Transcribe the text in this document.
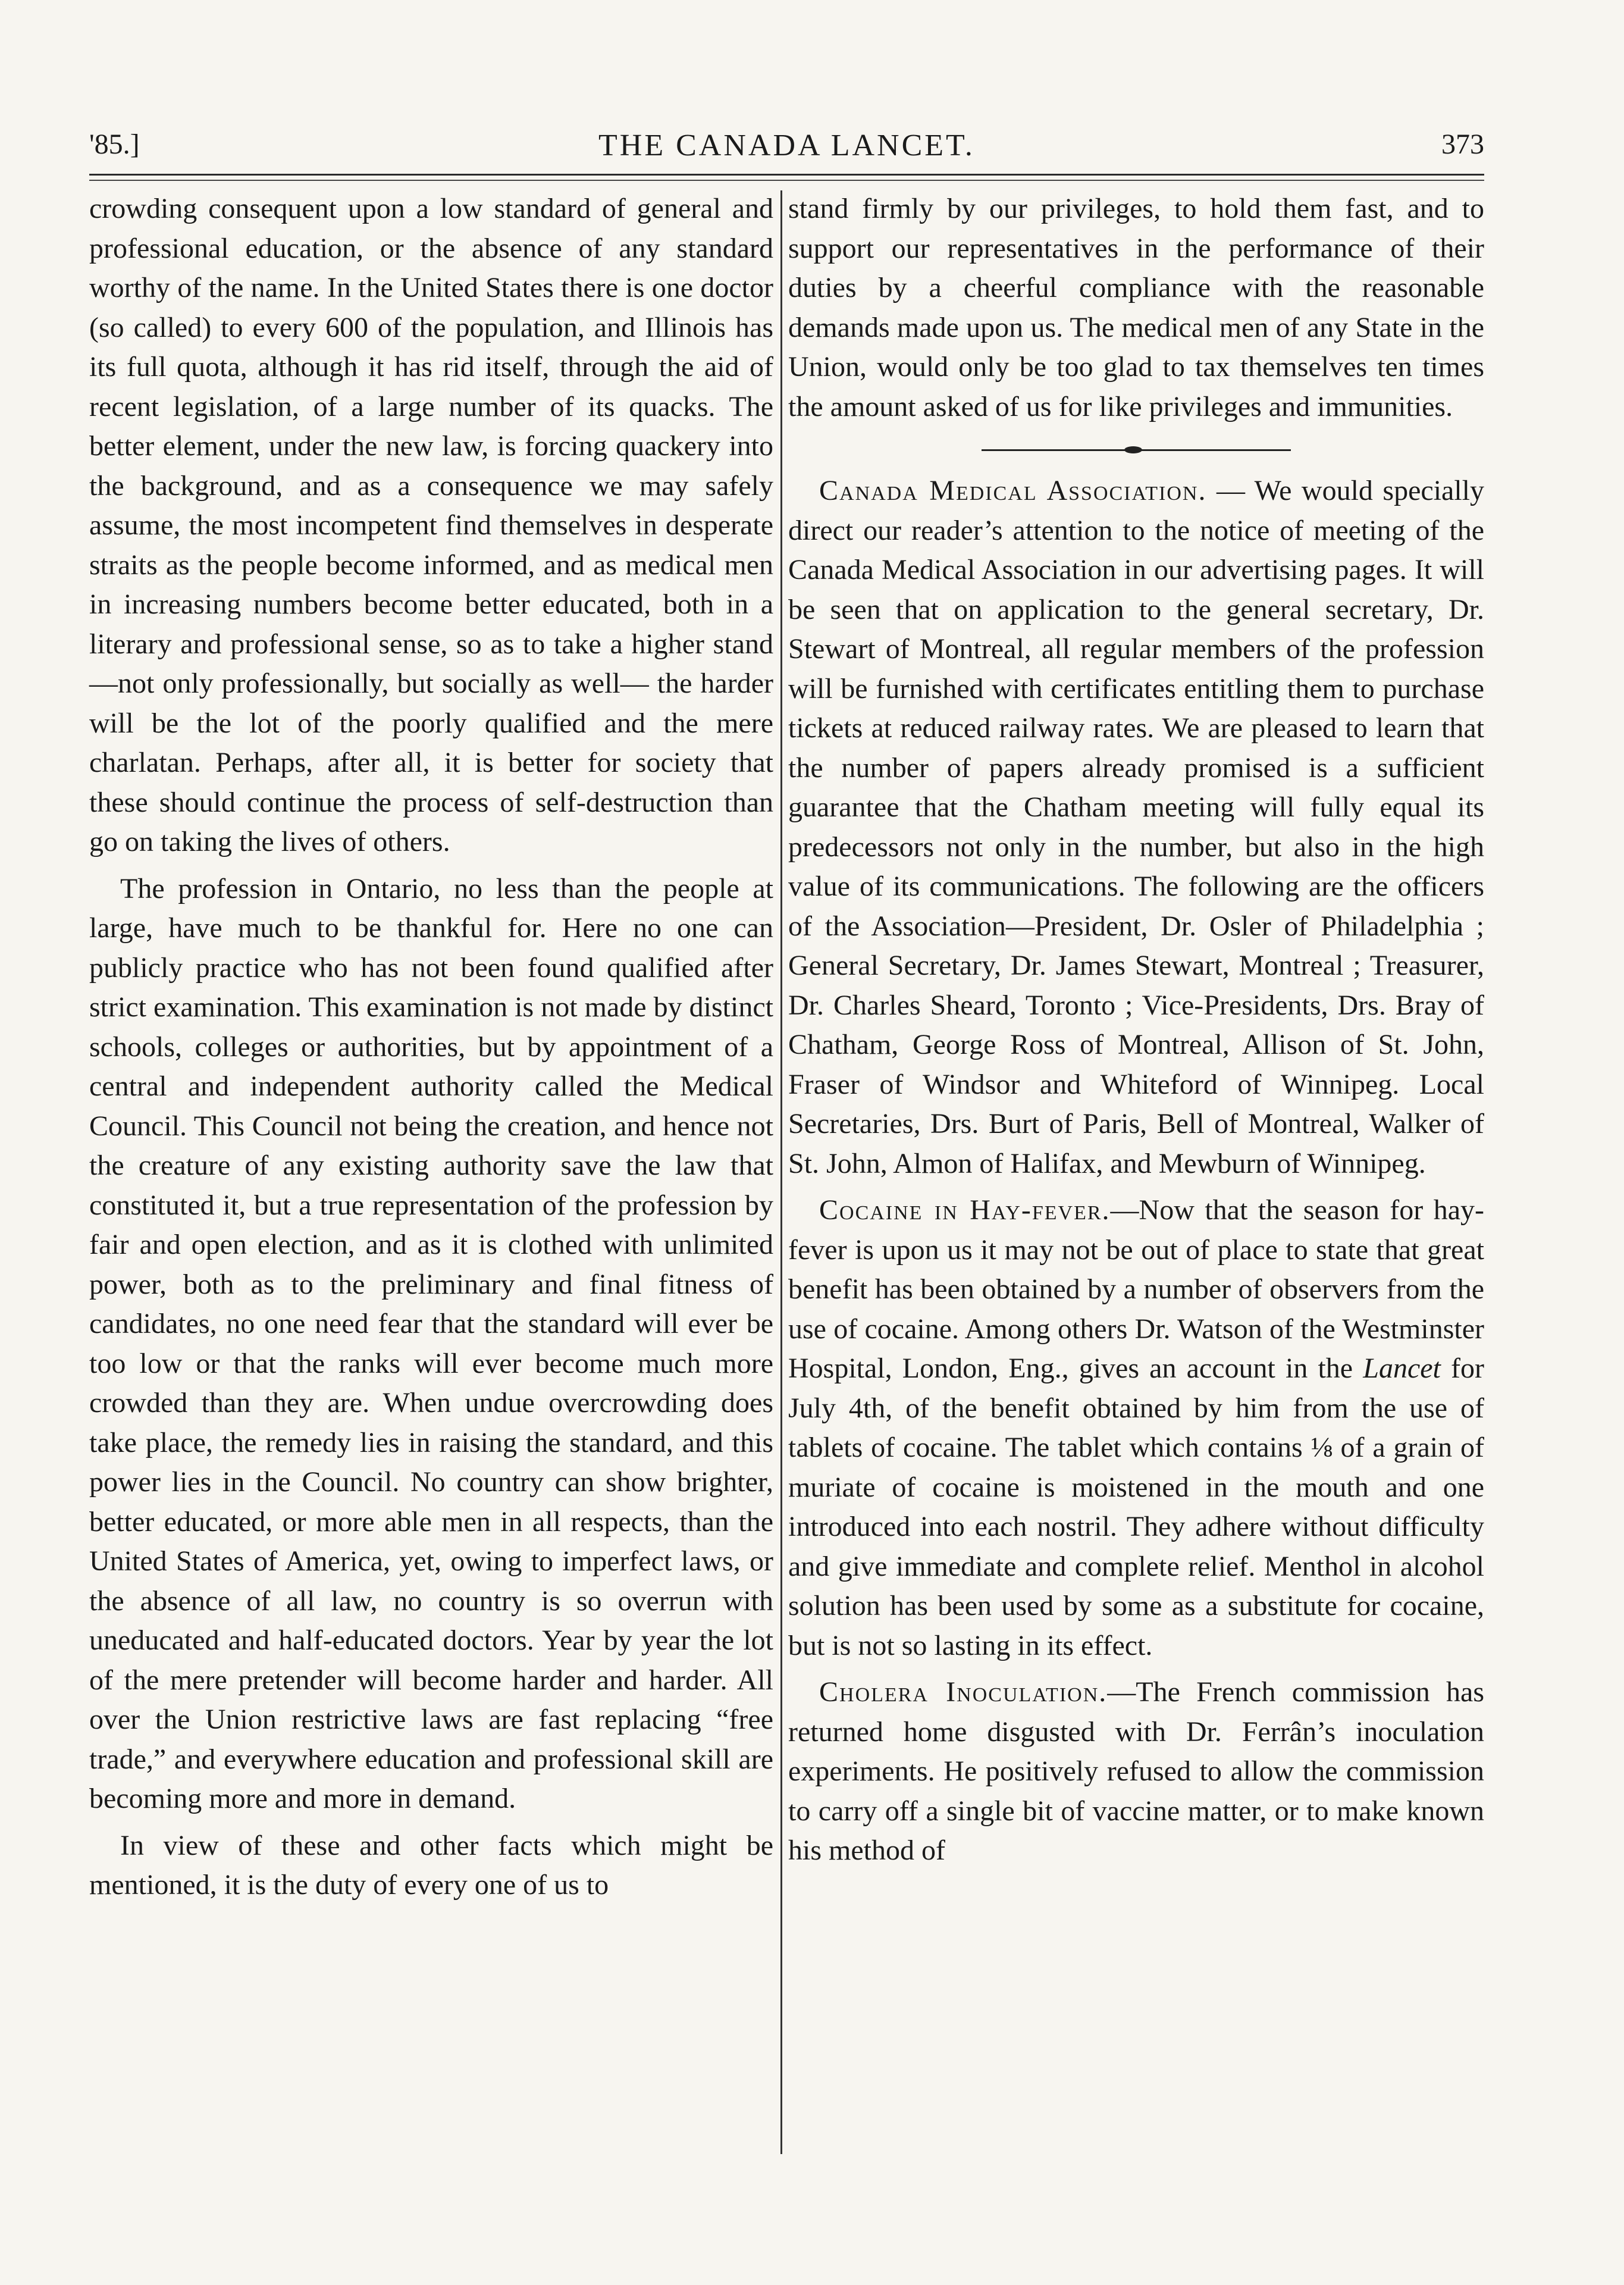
'85.]	THE CANADA LANCET.	373

crowding consequent upon a low standard of general and professional education, or the absence of any standard worthy of the name. In the United States there is one doctor (so called) to every 600 of the population, and Illinois has its full quota, although it has rid itself, through the aid of recent legislation, of a large number of its quacks. The better element, under the new law, is forcing quackery into the background, and as a consequence we may safely assume, the most incompetent find themselves in desperate straits as the people become informed, and as medical men in increasing numbers become better educated, both in a literary and professional sense, so as to take a higher stand —not only professionally, but socially as well— the harder will be the lot of the poorly qualified and the mere charlatan. Perhaps, after all, it is better for society that these should continue the process of self-destruction than go on taking the lives of others.

The profession in Ontario, no less than the people at large, have much to be thankful for. Here no one can publicly practice who has not been found qualified after strict examination. This examination is not made by distinct schools, colleges or authorities, but by appointment of a central and independent authority called the Medical Council. This Council not being the creation, and hence not the creature of any existing authority save the law that constituted it, but a true representation of the profession by fair and open election, and as it is clothed with unlimited power, both as to the preliminary and final fitness of candidates, no one need fear that the standard will ever be too low or that the ranks will ever become much more crowded than they are. When undue overcrowding does take place, the remedy lies in raising the standard, and this power lies in the Council. No country can show brighter, better educated, or more able men in all respects, than the United States of America, yet, owing to imperfect laws, or the absence of all law, no country is so overrun with uneducated and half-educated doctors. Year by year the lot of the mere pretender will become harder and harder. All over the Union restrictive laws are fast replacing “free trade,” and everywhere education and professional skill are becoming more and more in demand.

In view of these and other facts which might be mentioned, it is the duty of every one of us to

stand firmly by our privileges, to hold them fast, and to support our representatives in the performance of their duties by a cheerful compliance with the reasonable demands made upon us. The medical men of any State in the Union, would only be too glad to tax themselves ten times the amount asked of us for like privileges and immunities.

Canada Medical Association. — We would specially direct our reader’s attention to the notice of meeting of the Canada Medical Association in our advertising pages. It will be seen that on application to the general secretary, Dr. Stewart of Montreal, all regular members of the profession will be furnished with certificates entitling them to purchase tickets at reduced railway rates. We are pleased to learn that the number of papers already promised is a sufficient guarantee that the Chatham meeting will fully equal its predecessors not only in the number, but also in the high value of its communications. The following are the officers of the Association—President, Dr. Osler of Philadelphia ; General Secretary, Dr. James Stewart, Montreal ; Treasurer, Dr. Charles Sheard, Toronto ; Vice-Presidents, Drs. Bray of Chatham, George Ross of Montreal, Allison of St. John, Fraser of Windsor and Whiteford of Winnipeg. Local Secretaries, Drs. Burt of Paris, Bell of Montreal, Walker of St. John, Almon of Halifax, and Mewburn of Winnipeg.

Cocaine in Hay-fever.—Now that the season for hay-fever is upon us it may not be out of place to state that great benefit has been obtained by a number of observers from the use of cocaine. Among others Dr. Watson of the Westminster Hospital, London, Eng., gives an account in the Lancet for July 4th, of the benefit obtained by him from the use of tablets of cocaine. The tablet which contains ⅛ of a grain of muriate of cocaine is moistened in the mouth and one introduced into each nostril. They adhere without difficulty and give immediate and complete relief. Menthol in alcohol solution has been used by some as a substitute for cocaine, but is not so lasting in its effect.

Cholera Inoculation.—The French commission has returned home disgusted with Dr. Ferrân’s inoculation experiments. He positively refused to allow the commission to carry off a single bit of vaccine matter, or to make known his method of
